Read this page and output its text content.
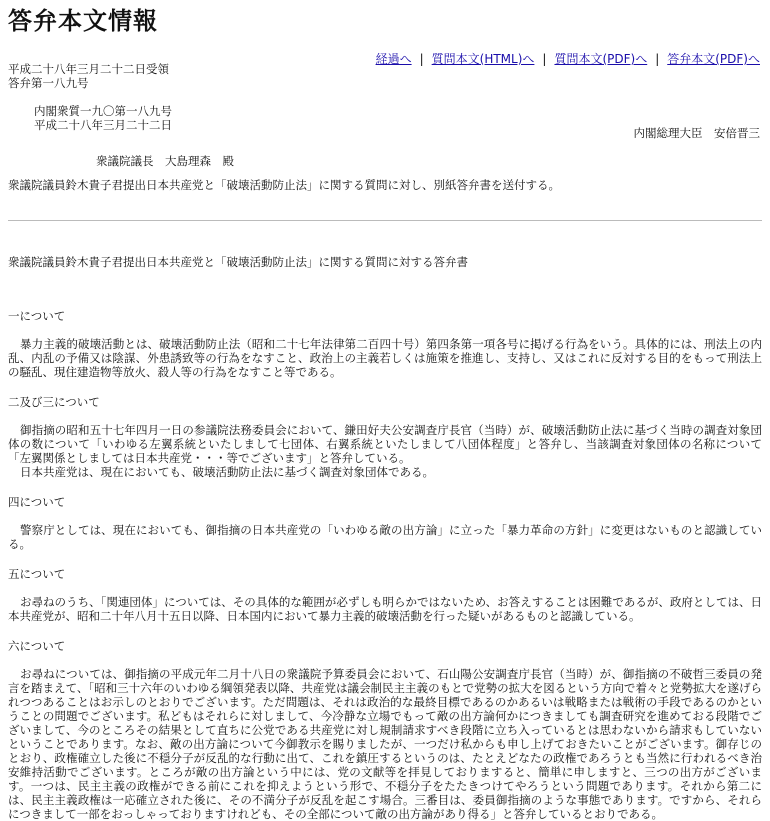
答弁本文情報
経過へ | 質問本文(HTML)へ | 質問本文(PDF)へ | 答弁本文(PDF)へ
平成二十八年三月二十二日受領
答弁第一八九号
内閣衆質一九〇第一八九号
平成二十八年三月二十二日
内閣総理大臣　安倍晋三
衆議院議長　大島理森　殿
衆議院議員鈴木貴子君提出日本共産党と「破壊活動防止法」に関する質問に対し、別紙答弁書を送付する。
衆議院議員鈴木貴子君提出日本共産党と「破壊活動防止法」に関する質問に対する答弁書
一について
暴力主義的破壊活動とは、破壊活動防止法（昭和二十七年法律第二百四十号）第四条第一項各号に掲げる行為をいう。具体的には、刑法上の内乱、内乱の予備又は陰謀、外患誘致等の行為をなすこと、政治上の主義若しくは施策を推進し、支持し、又はこれに反対する目的をもって刑法上の騒乱、現住建造物等放火、殺人等の行為をなすこと等である。
二及び三について
御指摘の昭和五十七年四月一日の参議院法務委員会において、鎌田好夫公安調査庁長官（当時）が、破壊活動防止法に基づく当時の調査対象団体の数について「いわゆる左翼系統といたしまして七団体、右翼系統といたしまして八団体程度」と答弁し、当該調査対象団体の名称について「左翼関係としましては日本共産党・・・等でございます」と答弁している。
日本共産党は、現在においても、破壊活動防止法に基づく調査対象団体である。
四について
警察庁としては、現在においても、御指摘の日本共産党の「いわゆる敵の出方論」に立った「暴力革命の方針」に変更はないものと認識している。
五について
お尋ねのうち、「関連団体」については、その具体的な範囲が必ずしも明らかではないため、お答えすることは困難であるが、政府としては、日本共産党が、昭和二十年八月十五日以降、日本国内において暴力主義的破壊活動を行った疑いがあるものと認識している。
六について
お尋ねについては、御指摘の平成元年二月十八日の衆議院予算委員会において、石山陽公安調査庁長官（当時）が、御指摘の不破哲三委員の発言を踏まえて、「昭和三十六年のいわゆる綱領発表以降、共産党は議会制民主主義のもとで党勢の拡大を図るという方向で着々と党勢拡大を遂げられつつあることはお示しのとおりでございます。ただ問題は、それは政治的な最終目標であるのかあるいは戦略または戦術の手段であるのかということの問題でございます。私どもはそれらに対しまして、今冷静な立場でもって敵の出方論何かにつきましても調査研究を進めておる段階でございまして、今のところその結果として直ちに公党である共産党に対し規制請求すべき段階に立ち入っているとは思わないから請求もしていないということであります。なお、敵の出方論について今御教示を賜りましたが、一つだけ私からも申し上げておきたいことがございます。御存じのとおり、政権確立した後に不穏分子が反乱的な行動に出て、これを鎮圧するというのは、たとえどなたの政権であろうとも当然に行われるべき治安維持活動でございます。ところが敵の出方論という中には、党の文献等を拝見しておりますると、簡単に申しますと、三つの出方がございます。一つは、民主主義の政権ができる前にこれを抑えようという形で、不穏分子をたたきつけてやろうという問題であります。それから第二には、民主主義政権は一応確立された後に、その不満分子が反乱を起こす場合。三番目は、委員御指摘のような事態であります。ですから、それらにつきまして一部をおっしゃっておりますけれども、その全部について敵の出方論があり得る」と答弁しているとおりである。
